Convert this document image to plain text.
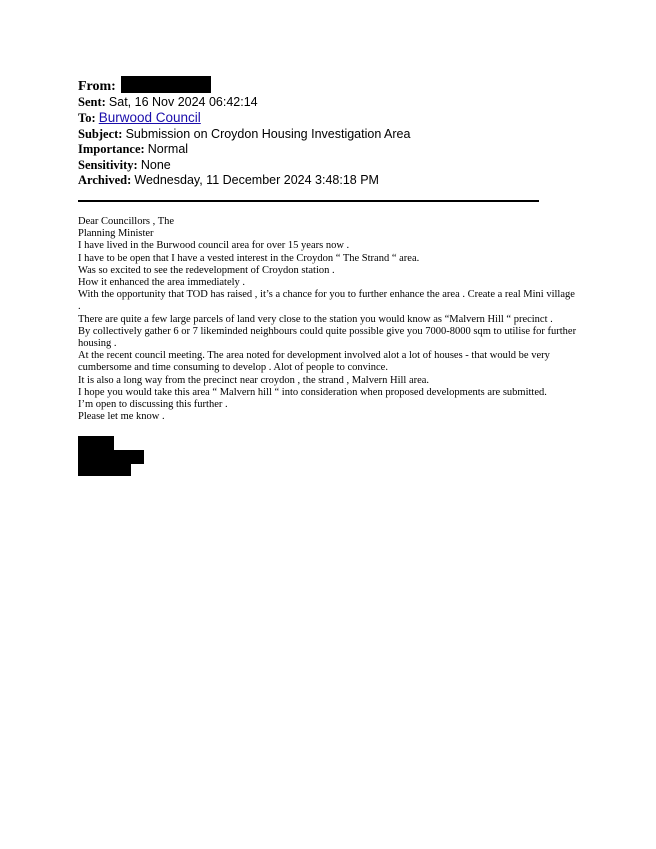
From:
Sent: Sat, 16 Nov 2024 06:42:14
To: Burwood Council
Subject: Submission on Croydon Housing Investigation Area
Importance: Normal
Sensitivity: None
Archived: Wednesday, 11 December 2024 3:48:18 PM

Dear Councillors , The

Planning Minister

I have lived in the Burwood council area for over 15 years now .

I have to be open that I have a vested interest in the Croydon “ The Strand “ area.

Was so excited to see the redevelopment of Croydon station .

How it enhanced the area immediately .

With the opportunity that TOD has raised , it’s a chance for you to further enhance the area . Create a real Mini village .

There are quite a few large parcels of land very close to the station you would know as “Malvern Hill “ precinct .

By collectively gather 6 or 7 likeminded neighbours could quite possible give you 7000-8000 sqm to utilise for further housing .

At the recent council meeting. The area noted for development involved alot a lot of houses - that would be very cumbersome and time consuming to develop . Alot of people to convince.

It is also a long way from the precinct near croydon , the strand , Malvern Hill area.

I hope you would take this area “ Malvern hill “ into consideration when proposed developments are submitted.

I’m open to discussing this further .

Please let me know .
